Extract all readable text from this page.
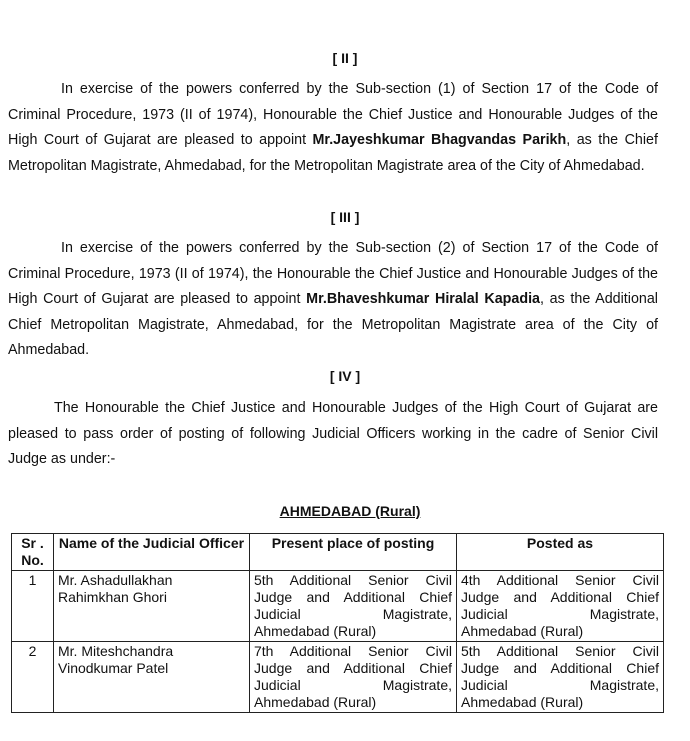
[ II ]

In exercise of the powers conferred by the Sub-section (1) of Section 17 of the Code of Criminal Procedure, 1973 (II of 1974), Honourable the Chief Justice and Honourable Judges of the High Court of Gujarat are pleased to appoint Mr.Jayeshkumar Bhagvandas Parikh, as the Chief Metropolitan Magistrate, Ahmedabad, for the Metropolitan Magistrate area of the City of Ahmedabad.

[ III ]

In exercise of the powers conferred by the Sub-section (2) of Section 17 of the Code of Criminal Procedure, 1973 (II of 1974), the Honourable the Chief Justice and Honourable Judges of the High Court of Gujarat are pleased to appoint Mr.Bhaveshkumar Hiralal Kapadia, as the Additional Chief Metropolitan Magistrate, Ahmedabad, for the Metropolitan Magistrate area of the City of Ahmedabad.

[ IV ]

The Honourable the Chief Justice and Honourable Judges of the High Court of Gujarat are pleased to pass order of posting of following Judicial Officers working in the cadre of Senior Civil Judge as under:-

AHMEDABAD (Rural)
Sr . No.	Name of the Judicial Officer	Present place of posting	Posted as
1	Mr. Ashadullakhan Rahimkhan Ghori	5th Additional Senior Civil Judge and Additional Chief Judicial Magistrate, Ahmedabad (Rural)	4th Additional Senior Civil Judge and Additional Chief Judicial Magistrate, Ahmedabad (Rural)
2	Mr. Miteshchandra Vinodkumar Patel	7th Additional Senior Civil Judge and Additional Chief Judicial Magistrate, Ahmedabad (Rural)	5th Additional Senior Civil Judge and Additional Chief Judicial Magistrate, Ahmedabad (Rural)
